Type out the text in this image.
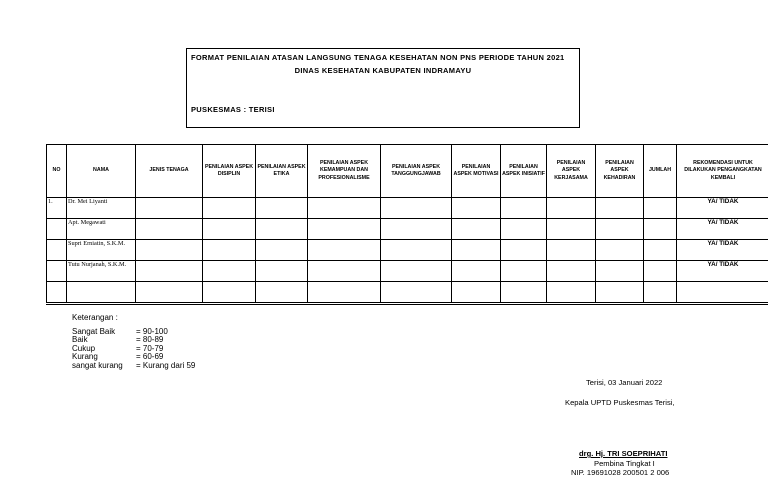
FORMAT PENILAIAN ATASAN LANGSUNG TENAGA KESEHATAN NON PNS PERIODE TAHUN 2021
DINAS KESEHATAN KABUPATEN INDRAMAYU
PUSKESMAS : TERISI
NO	NAMA	JENIS TENAGA	PENILAIAN ASPEK DISIPLIN	PENILAIAN ASPEK ETIKA	PENILAIAN ASPEK KEMAMPUAN DAN PROFESIONALISME	PENILAIAN ASPEK TANGGUNGJAWAB	PENILAIAN ASPEK MOTIVASI	PENILAIAN ASPEK INISIATIF	PENILAIAN ASPEK KERJASAMA	PENILAIAN ASPEK KEHADIRAN	JUMLAH	REKOMENDASI UNTUK DILAKUKAN PENGANGKATAN KEMBALI
1.	Dr. Mei Liyanti											YA/ TIDAK
	Apt. Megawati											YA/ TIDAK
	Supri Erniatin, S.K.M.											YA/ TIDAK
	Tutu Nurjanah, S.K.M.											YA/ TIDAK

Keterangan :
Sangat Baik	= 90-100
Baik	= 80-89
Cukup	= 70-79
Kurang	= 60-69
sangat kurang	= Kurang dari 59
Terisi, 03 Januari 2022
Kepala UPTD Puskesmas Terisi,
drg. Hj. TRI SOEPRIHATI
Pembina Tingkat I
NIP. 19691028 200501 2 006
